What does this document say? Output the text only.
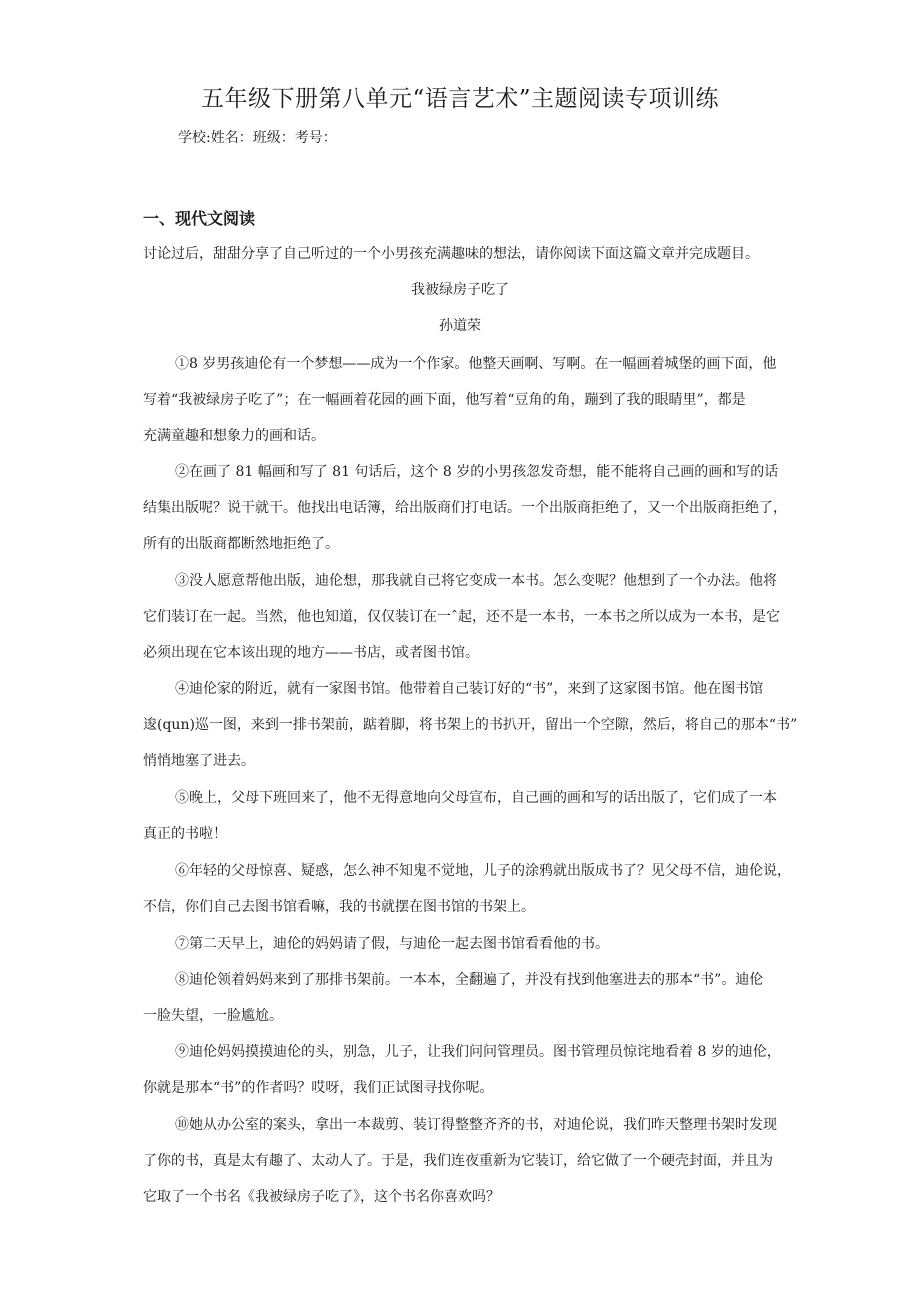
五年级下册第八单元“语言艺术”主题阅读专项训练

学校:姓名：班级：考号：

一、现代文阅读

讨论过后，甜甜分享了自己听过的一个小男孩充满趣味的想法，请你阅读下面这篇文章并完成题目。

我被绿房子吃了

孙道荣

①8 岁男孩迪伦有一个梦想——成为一个作家。他整天画啊、写啊。在一幅画着城堡的画下面，他
写着“我被绿房子吃了”；在一幅画着花园的画下面，他写着“豆角的角，蹦到了我的眼睛里”，都是
充满童趣和想象力的画和话。
②在画了 81 幅画和写了 81 句话后，这个 8 岁的小男孩忽发奇想，能不能将自己画的画和写的话
结集出版呢？说干就干。他找出电话簿，给出版商们打电话。一个出版商拒绝了，又一个出版商拒绝了，
所有的出版商都断然地拒绝了。
③没人愿意帮他出版，迪伦想，那我就自己将它变成一本书。怎么变呢？他想到了一个办法。他将
它们装订在一起。当然，他也知道，仅仅装订在一ˆ起，还不是一本书，一本书之所以成为一本书，是它
必须出现在它本该出现的地方——书店，或者图书馆。
④迪伦家的附近，就有一家图书馆。他带着自己装订好的“书”，来到了这家图书馆。他在图书馆
逡(qun)巡一图，来到一排书架前，踮着脚，将书架上的书扒开，留出一个空隙，然后，将自己的那本“书”
悄悄地塞了进去。
⑤晚上，父母下班回来了，他不无得意地向父母宣布，自己画的画和写的话出版了，它们成了一本
真正的书啦！
⑥年轻的父母惊喜、疑惑，怎么神不知鬼不觉地，儿子的涂鸦就出版成书了？见父母不信，迪伦说，
不信，你们自己去图书馆看嘛，我的书就摆在图书馆的书架上。
⑦第二天早上，迪伦的妈妈请了假，与迪伦一起去图书馆看看他的书。
⑧迪伦领着妈妈来到了那排书架前。一本本，全翻遍了，并没有找到他塞进去的那本“书”。迪伦
一脸失望，一脸尴尬。
⑨迪伦妈妈摸摸迪伦的头，别急，儿子，让我们问问管理员。图书管理员惊诧地看着 8 岁的迪伦，
你就是那本“书”的作者吗？哎呀，我们正试图寻找你呢。
⑩她从办公室的案头，拿出一本裁剪、装订得整整齐齐的书，对迪伦说，我们昨天整理书架时发现
了你的书，真是太有趣了、太动人了。于是，我们连夜重新为它装订，给它做了一个硬壳封面，并且为
它取了一个书名《我被绿房子吃了》，这个书名你喜欢吗？
